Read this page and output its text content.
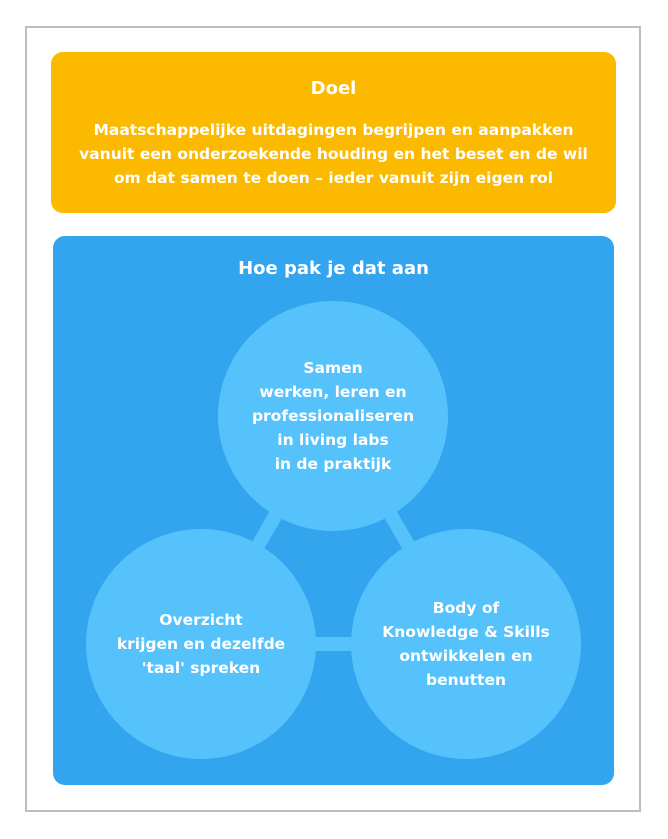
Doel
Maatschappelijke uitdagingen begrijpen en aanpakken
vanuit een onderzoekende houding en het beset en de wil
om dat samen te doen – ieder vanuit zijn eigen rol
Hoe pak je dat aan
Samen
werken, leren en
professionaliseren
in living labs
in de praktijk
Overzicht
krijgen en dezelfde
'taal' spreken
Body of
Knowledge & Skills
ontwikkelen en
benutten
